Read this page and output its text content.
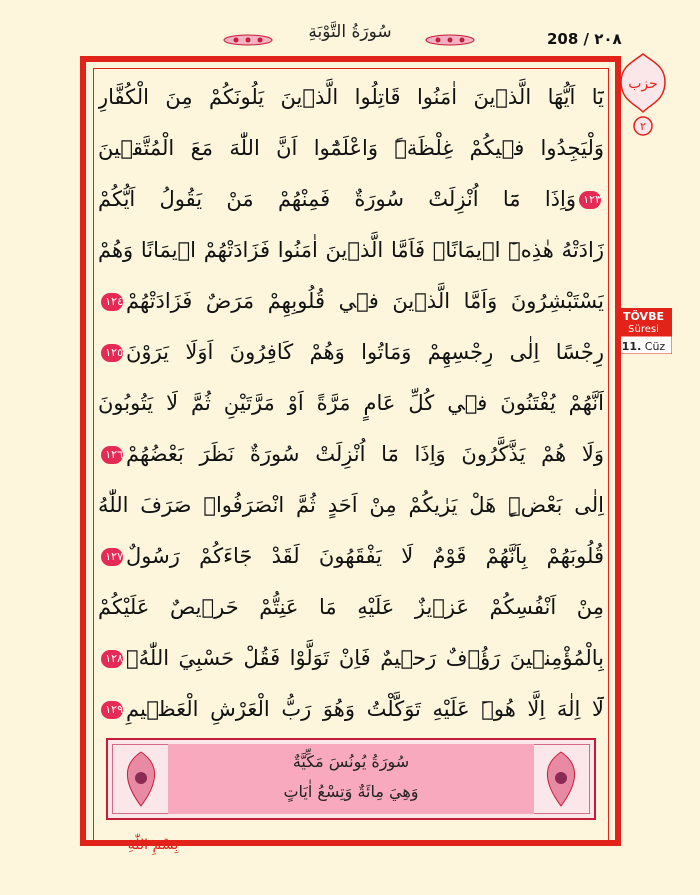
سُورَةُ التَّوْبَةِ	208 / ٢٠٨
حزب
٢
TÖVBE
Süresi
11. Cüz
يَٓا اَيُّهَا الَّذ۪ينَ اٰمَنُوا قَاتِلُوا الَّذ۪ينَ يَلُونَكُمْ مِنَ الْكُفَّارِ
وَلْيَجِدُوا ف۪يكُمْ غِلْظَةًۜ وَاعْلَمُٓوا اَنَّ اللّٰهَ مَعَ الْمُتَّق۪ينَ
١٢٣وَاِذَا مَٓا اُنْزِلَتْ سُورَةٌ فَمِنْهُمْ مَنْ يَقُولُ اَيُّكُمْ
زَادَتْهُ هٰذِه۪ٓ ا۪يمَانًاۚ فَاَمَّا الَّذ۪ينَ اٰمَنُوا فَزَادَتْهُمْ ا۪يمَانًا وَهُمْ
يَسْتَبْشِرُونَ وَاَمَّا الَّذ۪ينَ ف۪ي قُلُوبِهِمْ مَرَضٌ فَزَادَتْهُمْ١٢٤
رِجْسًا اِلٰى رِجْسِهِمْ وَمَاتُوا وَهُمْ كَافِرُونَ اَوَلَا يَرَوْنَ١٢٥
اَنَّهُمْ يُفْتَنُونَ ف۪ي كُلِّ عَامٍ مَرَّةً اَوْ مَرَّتَيْنِ ثُمَّ لَا يَتُوبُونَ
وَلَا هُمْ يَذَّكَّرُونَ وَاِذَا مَٓا اُنْزِلَتْ سُورَةٌ نَظَرَ بَعْضُهُمْ١٢٦
اِلٰى بَعْضٍۜ هَلْ يَرٰيكُمْ مِنْ اَحَدٍ ثُمَّ انْصَرَفُواۜ صَرَفَ اللّٰهُ
قُلُوبَهُمْ بِاَنَّهُمْ قَوْمٌ لَا يَفْقَهُونَ لَقَدْ جَٓاءَكُمْ رَسُولٌ١٢٧
مِنْ اَنْفُسِكُمْ عَز۪يزٌ عَلَيْهِ مَا عَنِتُّمْ حَر۪يصٌ عَلَيْكُمْ
بِالْمُؤْمِن۪ينَ رَؤُ۫فٌ رَح۪يمٌ فَاِنْ تَوَلَّوْا فَقُلْ حَسْبِيَ اللّٰهُۘ١٢٨
لَٓا اِلٰهَ اِلَّا هُوَۜ عَلَيْهِ تَوَكَّلْتُ وَهُوَ رَبُّ الْعَرْشِ الْعَظ۪يمِ١٢٩
سُورَةُ يُونُسَ مَكِّيَّةٌ
وَهِيَ مِائَةٌ وَتِسْعُ اٰيَاتٍ
بِسْمِ اللّٰهِ
